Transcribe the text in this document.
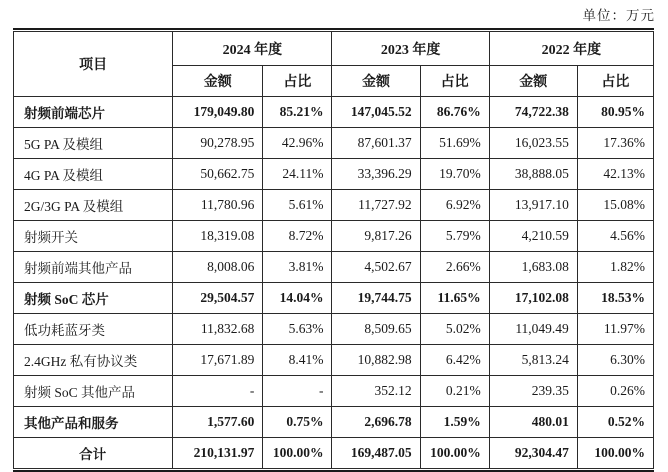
单位：万元
项目	2024 年度		2023 年度		2022 年度	
	金额	占比	金额	占比	金额	占比
射频前端芯片	179,049.80	85.21%	147,045.52	86.76%	74,722.38	80.95%
5G PA 及模组	90,278.95	42.96%	87,601.37	51.69%	16,023.55	17.36%
4G PA 及模组	50,662.75	24.11%	33,396.29	19.70%	38,888.05	42.13%
2G/3G PA 及模组	11,780.96	5.61%	11,727.92	6.92%	13,917.10	15.08%
射频开关	18,319.08	8.72%	9,817.26	5.79%	4,210.59	4.56%
射频前端其他产品	8,008.06	3.81%	4,502.67	2.66%	1,683.08	1.82%
射频 SoC 芯片	29,504.57	14.04%	19,744.75	11.65%	17,102.08	18.53%
低功耗蓝牙类	11,832.68	5.63%	8,509.65	5.02%	11,049.49	11.97%
2.4GHz 私有协议类	17,671.89	8.41%	10,882.98	6.42%	5,813.24	6.30%
射频 SoC 其他产品	-	-	352.12	0.21%	239.35	0.26%
其他产品和服务	1,577.60	0.75%	2,696.78	1.59%	480.01	0.52%
合计	210,131.97	100.00%	169,487.05	100.00%	92,304.47	100.00%
